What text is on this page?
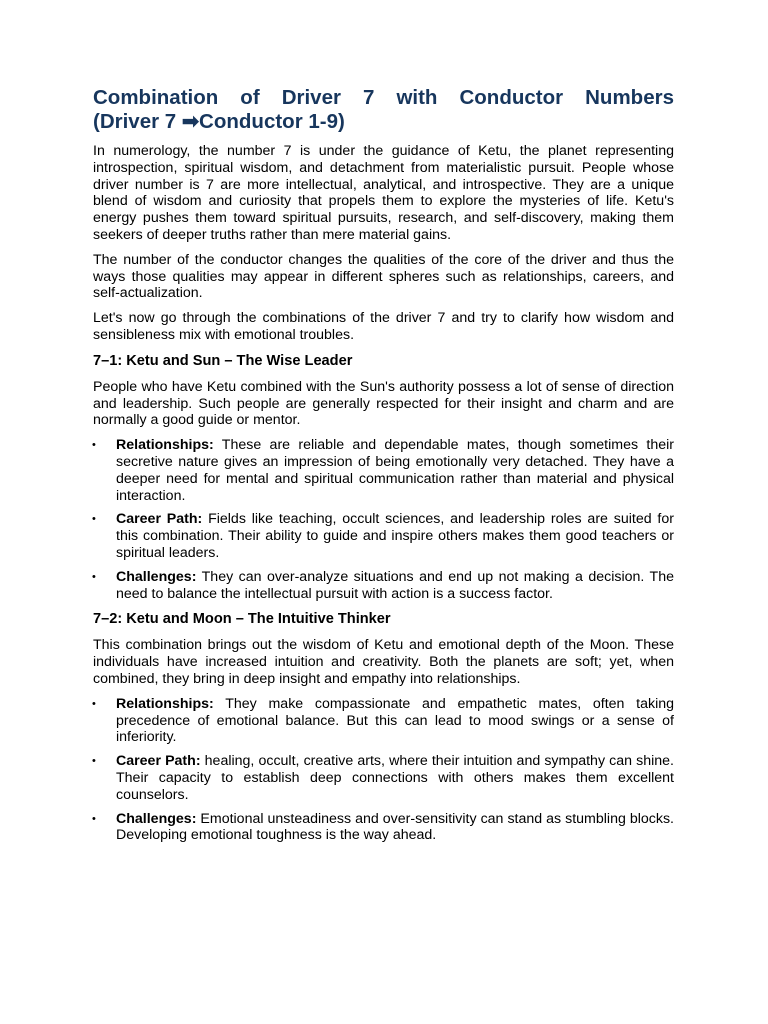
Combination of Driver 7 with Conductor Numbers
(Driver 7 ➡Conductor 1-9)

In numerology, the number 7 is under the guidance of Ketu, the planet representing introspection, spiritual wisdom, and detachment from materialistic pursuit. People whose driver number is 7 are more intellectual, analytical, and introspective. They are a unique blend of wisdom and curiosity that propels them to explore the mysteries of life. Ketu's energy pushes them toward spiritual pursuits, research, and self-discovery, making them seekers of deeper truths rather than mere material gains.

The number of the conductor changes the qualities of the core of the driver and thus the ways those qualities may appear in different spheres such as relationships, careers, and self-actualization.

Let's now go through the combinations of the driver 7 and try to clarify how wisdom and sensibleness mix with emotional troubles.

7–1: Ketu and Sun – The Wise Leader

People who have Ketu combined with the Sun's authority possess a lot of sense of direction and leadership. Such people are generally respected for their insight and charm and are normally a good guide or mentor.

• Relationships: These are reliable and dependable mates, though sometimes their secretive nature gives an impression of being emotionally very detached. They have a deeper need for mental and spiritual communication rather than material and physical interaction.
• Career Path: Fields like teaching, occult sciences, and leadership roles are suited for this combination. Their ability to guide and inspire others makes them good teachers or spiritual leaders.
• Challenges: They can over-analyze situations and end up not making a decision. The need to balance the intellectual pursuit with action is a success factor.
7–2: Ketu and Moon – The Intuitive Thinker

This combination brings out the wisdom of Ketu and emotional depth of the Moon. These individuals have increased intuition and creativity. Both the planets are soft; yet, when combined, they bring in deep insight and empathy into relationships.

• Relationships: They make compassionate and empathetic mates, often taking precedence of emotional balance. But this can lead to mood swings or a sense of inferiority.
• Career Path: healing, occult, creative arts, where their intuition and sympathy can shine. Their capacity to establish deep connections with others makes them excellent counselors.
• Challenges: Emotional unsteadiness and over-sensitivity can stand as stumbling blocks. Developing emotional toughness is the way ahead.
